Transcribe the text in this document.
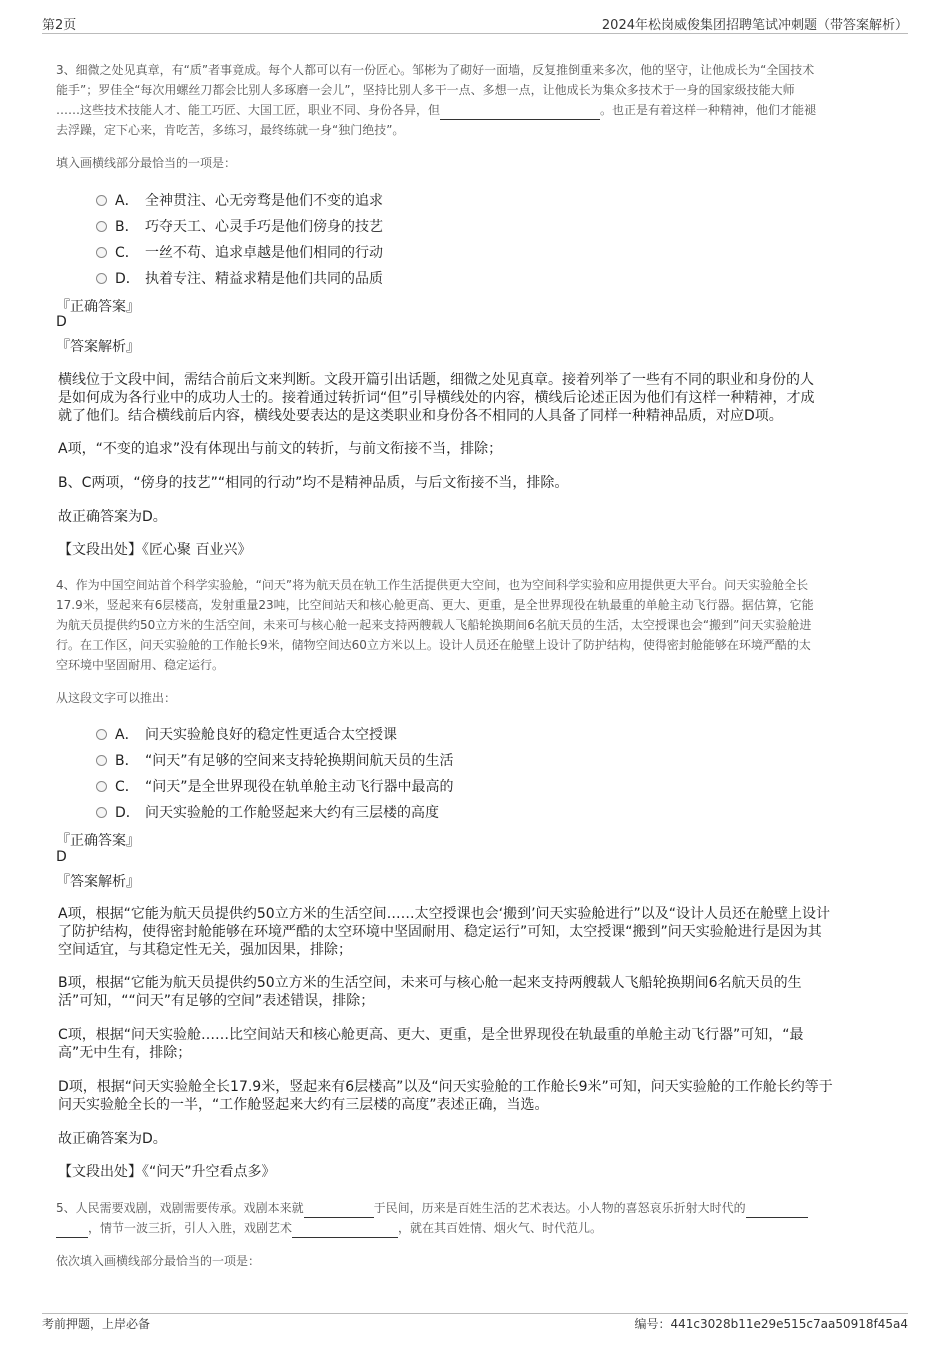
第2页	2024年松岗威俊集团招聘笔试冲刺题（带答案解析）
3、细微之处见真章，有“质”者事竟成。每个人都可以有一份匠心。邹彬为了砌好一面墙，反复推倒重来多次，他的坚守，让他成长为“全国技术
能手”；罗佳全“每次用螺丝刀都会比别人多琢磨一会儿”，坚持比别人多干一点、多想一点，让他成长为集众多技术于一身的国家级技能大师
……这些技术技能人才、能工巧匠、大国工匠，职业不同、身份各异，但	。也正是有着这样一种精神，他们才能褪
去浮躁，定下心来，肯吃苦，多练习，最终练就一身“独门绝技”。
填入画横线部分最恰当的一项是：
A． 全神贯注、心无旁骛是他们不变的追求
B． 巧夺天工、心灵手巧是他们傍身的技艺
C． 一丝不苟、追求卓越是他们相同的行动
D． 执着专注、精益求精是他们共同的品质
『正确答案』
D
『答案解析』
横线位于文段中间，需结合前后文来判断。文段开篇引出话题，细微之处见真章。接着列举了一些有不同的职业和身份的人
是如何成为各行业中的成功人士的。接着通过转折词“但”引导横线处的内容，横线后论述正因为他们有这样一种精神，才成
就了他们。结合横线前后内容，横线处要表达的是这类职业和身份各不相同的人具备了同样一种精神品质，对应D项。
A项，“不变的追求”没有体现出与前文的转折，与前文衔接不当，排除；
B、C两项，“傍身的技艺”“相同的行动”均不是精神品质，与后文衔接不当，排除。
故正确答案为D。
【文段出处】《匠心聚 百业兴》
4、作为中国空间站首个科学实验舱，“问天”将为航天员在轨工作生活提供更大空间，也为空间科学实验和应用提供更大平台。问天实验舱全长
17.9米，竖起来有6层楼高，发射重量23吨，比空间站天和核心舱更高、更大、更重，是全世界现役在轨最重的单舱主动飞行器。据估算，它能
为航天员提供约50立方米的生活空间，未来可与核心舱一起来支持两艘载人飞船轮换期间6名航天员的生活，太空授课也会“搬到”问天实验舱进
行。在工作区，问天实验舱的工作舱长9米，储物空间达60立方米以上。设计人员还在舱壁上设计了防护结构，使得密封舱能够在环境严酷的太
空环境中坚固耐用、稳定运行。
从这段文字可以推出：
A． 问天实验舱良好的稳定性更适合太空授课
B． “问天”有足够的空间来支持轮换期间航天员的生活
C． “问天”是全世界现役在轨单舱主动飞行器中最高的
D． 问天实验舱的工作舱竖起来大约有三层楼的高度
『正确答案』
D
『答案解析』
A项，根据“它能为航天员提供约50立方米的生活空间……太空授课也会‘搬到’问天实验舱进行”以及“设计人员还在舱壁上设计
了防护结构，使得密封舱能够在环境严酷的太空环境中坚固耐用、稳定运行”可知，太空授课“搬到”问天实验舱进行是因为其
空间适宜，与其稳定性无关，强加因果，排除；
B项，根据“它能为航天员提供约50立方米的生活空间，未来可与核心舱一起来支持两艘载人飞船轮换期间6名航天员的生
活”可知，““问天”有足够的空间”表述错误，排除；
C项，根据“问天实验舱……比空间站天和核心舱更高、更大、更重，是全世界现役在轨最重的单舱主动飞行器”可知，“最
高”无中生有，排除；
D项，根据“问天实验舱全长17.9米，竖起来有6层楼高”以及“问天实验舱的工作舱长9米”可知，问天实验舱的工作舱长约等于
问天实验舱全长的一半，“工作舱竖起来大约有三层楼的高度”表述正确，当选。
故正确答案为D。
【文段出处】《“问天”升空看点多》
5、人民需要戏剧，戏剧需要传承。戏剧本来就	于民间，历来是百姓生活的艺术表达。小人物的喜怒哀乐折射大时代的
，情节一波三折，引人入胜，戏剧艺术	，就在其百姓情、烟火气、时代范儿。
依次填入画横线部分最恰当的一项是：
考前押题，上岸必备	编号：441c3028b11e29e515c7aa50918f45a4
